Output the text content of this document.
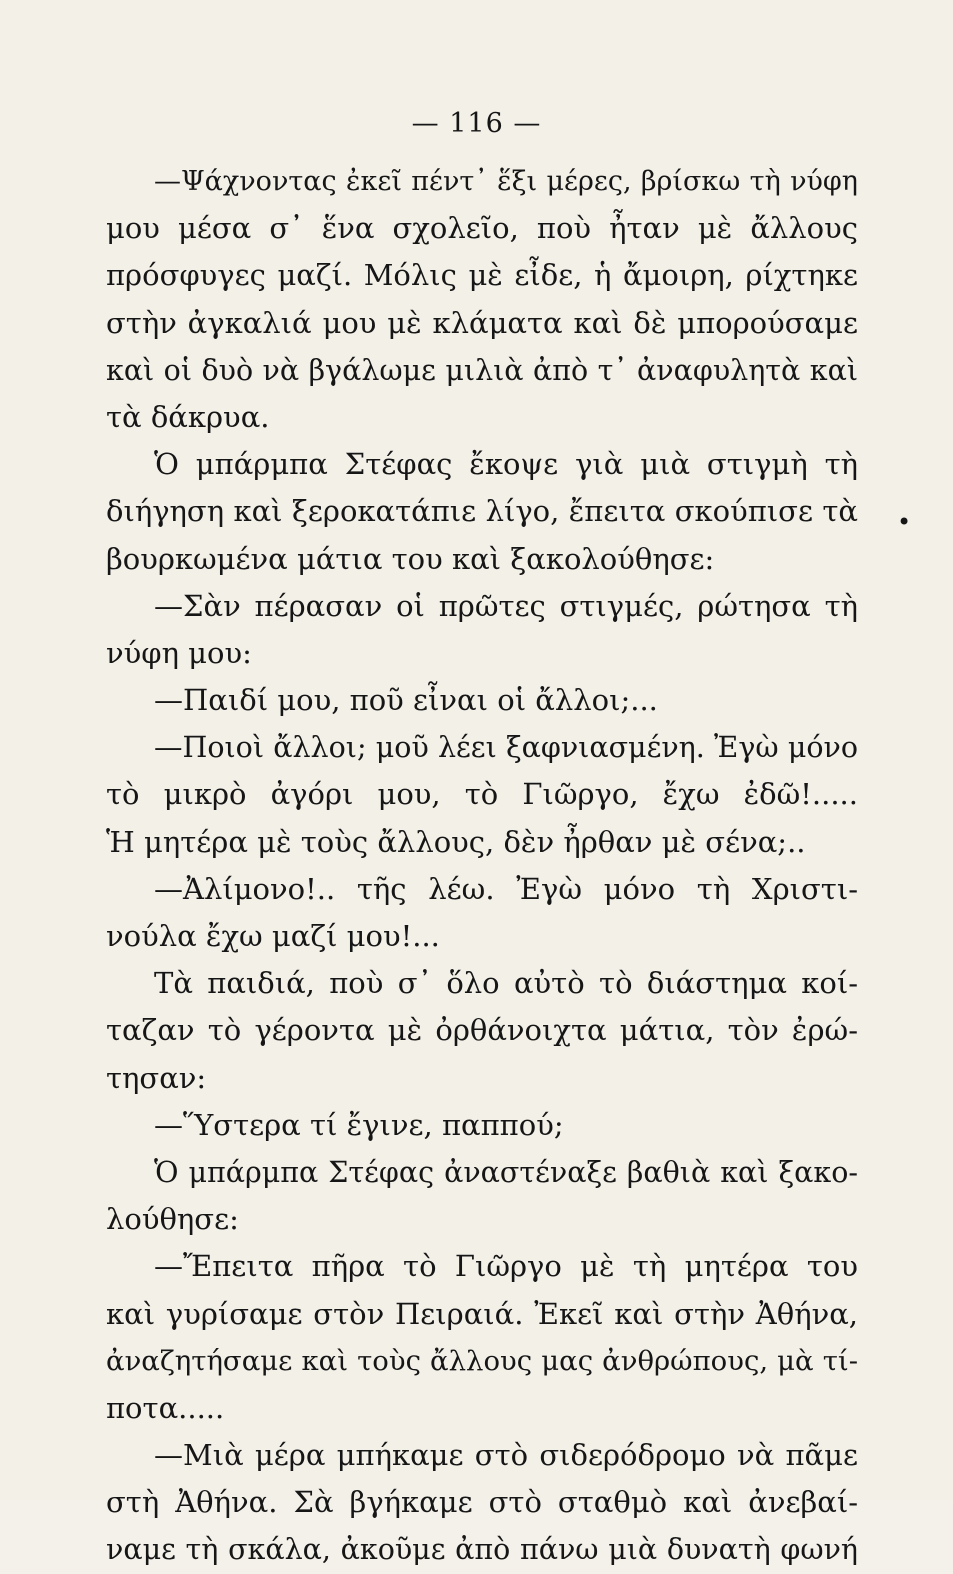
— 116 —
—Ψάχνοντας ἐκεῖ πέντ᾽ ἕξι μέρες, βρίσκω τὴ νύφη
μου μέσα σ᾽ ἕνα σχολεῖο, ποὺ ἦταν μὲ ἄλλους
πρόσφυγες μαζί. Μόλις μὲ εἶδε, ἡ ἄμοιρη, ρίχτηκε
στὴν ἀγκαλιά μου μὲ κλάματα καὶ δὲ μπορούσαμε
καὶ οἱ δυὸ νὰ βγάλωμε μιλιὰ ἀπὸ τ᾽ ἀναφυλητὰ καὶ
τὰ δάκρυα.
Ὁ μπάρμπα Στέφας ἔκοψε γιὰ μιὰ στιγμὴ τὴ
διήγηση καὶ ξεροκατάπιε λίγο, ἔπειτα σκούπισε τὰ
βουρκωμένα μάτια του καὶ ξακολούθησε:
—Σὰν πέρασαν οἱ πρῶτες στιγμές, ρώτησα τὴ
νύφη μου:
—Παιδί μου, ποῦ εἶναι οἱ ἄλλοι;...
—Ποιοὶ ἄλλοι; μοῦ λέει ξαφνιασμένη. Ἐγὼ μόνο
τὸ μικρὸ ἀγόρι μου, τὸ Γιῶργο, ἔχω ἐδῶ!.....
Ἡ μητέρα μὲ τοὺς ἄλλους, δὲν ἦρθαν μὲ σένα;..
—Ἀλίμονο!.. τῆς λέω. Ἐγὼ μόνο τὴ Χριστι-
νούλα ἔχω μαζί μου!...
Τὰ παιδιά, ποὺ σ᾽ ὅλο αὐτὸ τὸ διάστημα κοί-
ταζαν τὸ γέροντα μὲ ὀρθάνοιχτα μάτια, τὸν ἐρώ-
τησαν:
—Ὕστερα τί ἔγινε, παππού;
Ὁ μπάρμπα Στέφας ἀναστέναξε βαθιὰ καὶ ξακο-
λούθησε:
—Ἔπειτα πῆρα τὸ Γιῶργο μὲ τὴ μητέρα του
καὶ γυρίσαμε στὸν Πειραιά. Ἐκεῖ καὶ στὴν Ἀθήνα,
ἀναζητήσαμε καὶ τοὺς ἄλλους μας ἀνθρώπους, μὰ τί-
ποτα.....
—Μιὰ μέρα μπήκαμε στὸ σιδερόδρομο νὰ πᾶμε
στὴ Ἀθήνα. Σὰ βγήκαμε στὸ σταθμὸ καὶ ἀνεβαί-
ναμε τὴ σκάλα, ἀκοῦμε ἀπὸ πάνω μιὰ δυνατὴ φωνή
•
